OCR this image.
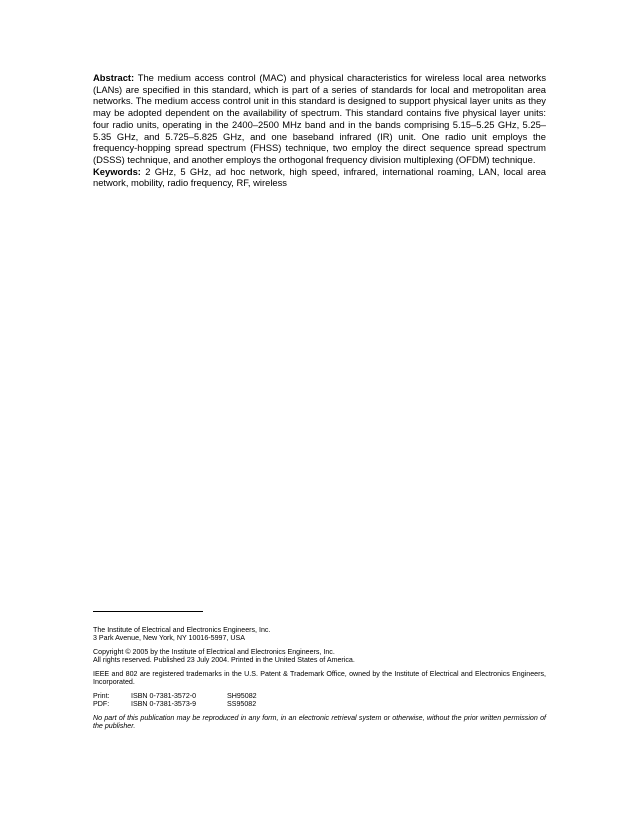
Abstract: The medium access control (MAC) and physical characteristics for wireless local area networks (LANs) are specified in this standard, which is part of a series of standards for local and metropolitan area networks. The medium access control unit in this standard is designed to support physical layer units as they may be adopted dependent on the availability of spectrum. This standard contains five physical layer units: four radio units, operating in the 2400–2500 MHz band and in the bands comprising 5.15–5.25 GHz, 5.25–5.35 GHz, and 5.725–5.825 GHz, and one baseband infrared (IR) unit. One radio unit employs the frequency-hopping spread spectrum (FHSS) technique, two employ the direct sequence spread spectrum (DSSS) technique, and another employs the orthogonal frequency division multiplexing (OFDM) technique.

Keywords: 2 GHz, 5 GHz, ad hoc network, high speed, infrared, international roaming, LAN, local area network, mobility, radio frequency, RF, wireless

The Institute of Electrical and Electronics Engineers, Inc.
3 Park Avenue, New York, NY 10016-5997, USA

Copyright © 2005 by the Institute of Electrical and Electronics Engineers, Inc.
All rights reserved. Published 23 July 2004. Printed in the United States of America.

IEEE and 802 are registered trademarks in the U.S. Patent & Trademark Office, owned by the Institute of Electrical and Electronics Engineers, Incorporated.

Print:	ISBN 0-7381-3572-0	SH95082
PDF:	ISBN 0-7381-3573-9	SS95082

No part of this publication may be reproduced in any form, in an electronic retrieval system or otherwise, without the prior written permission of the publisher.
